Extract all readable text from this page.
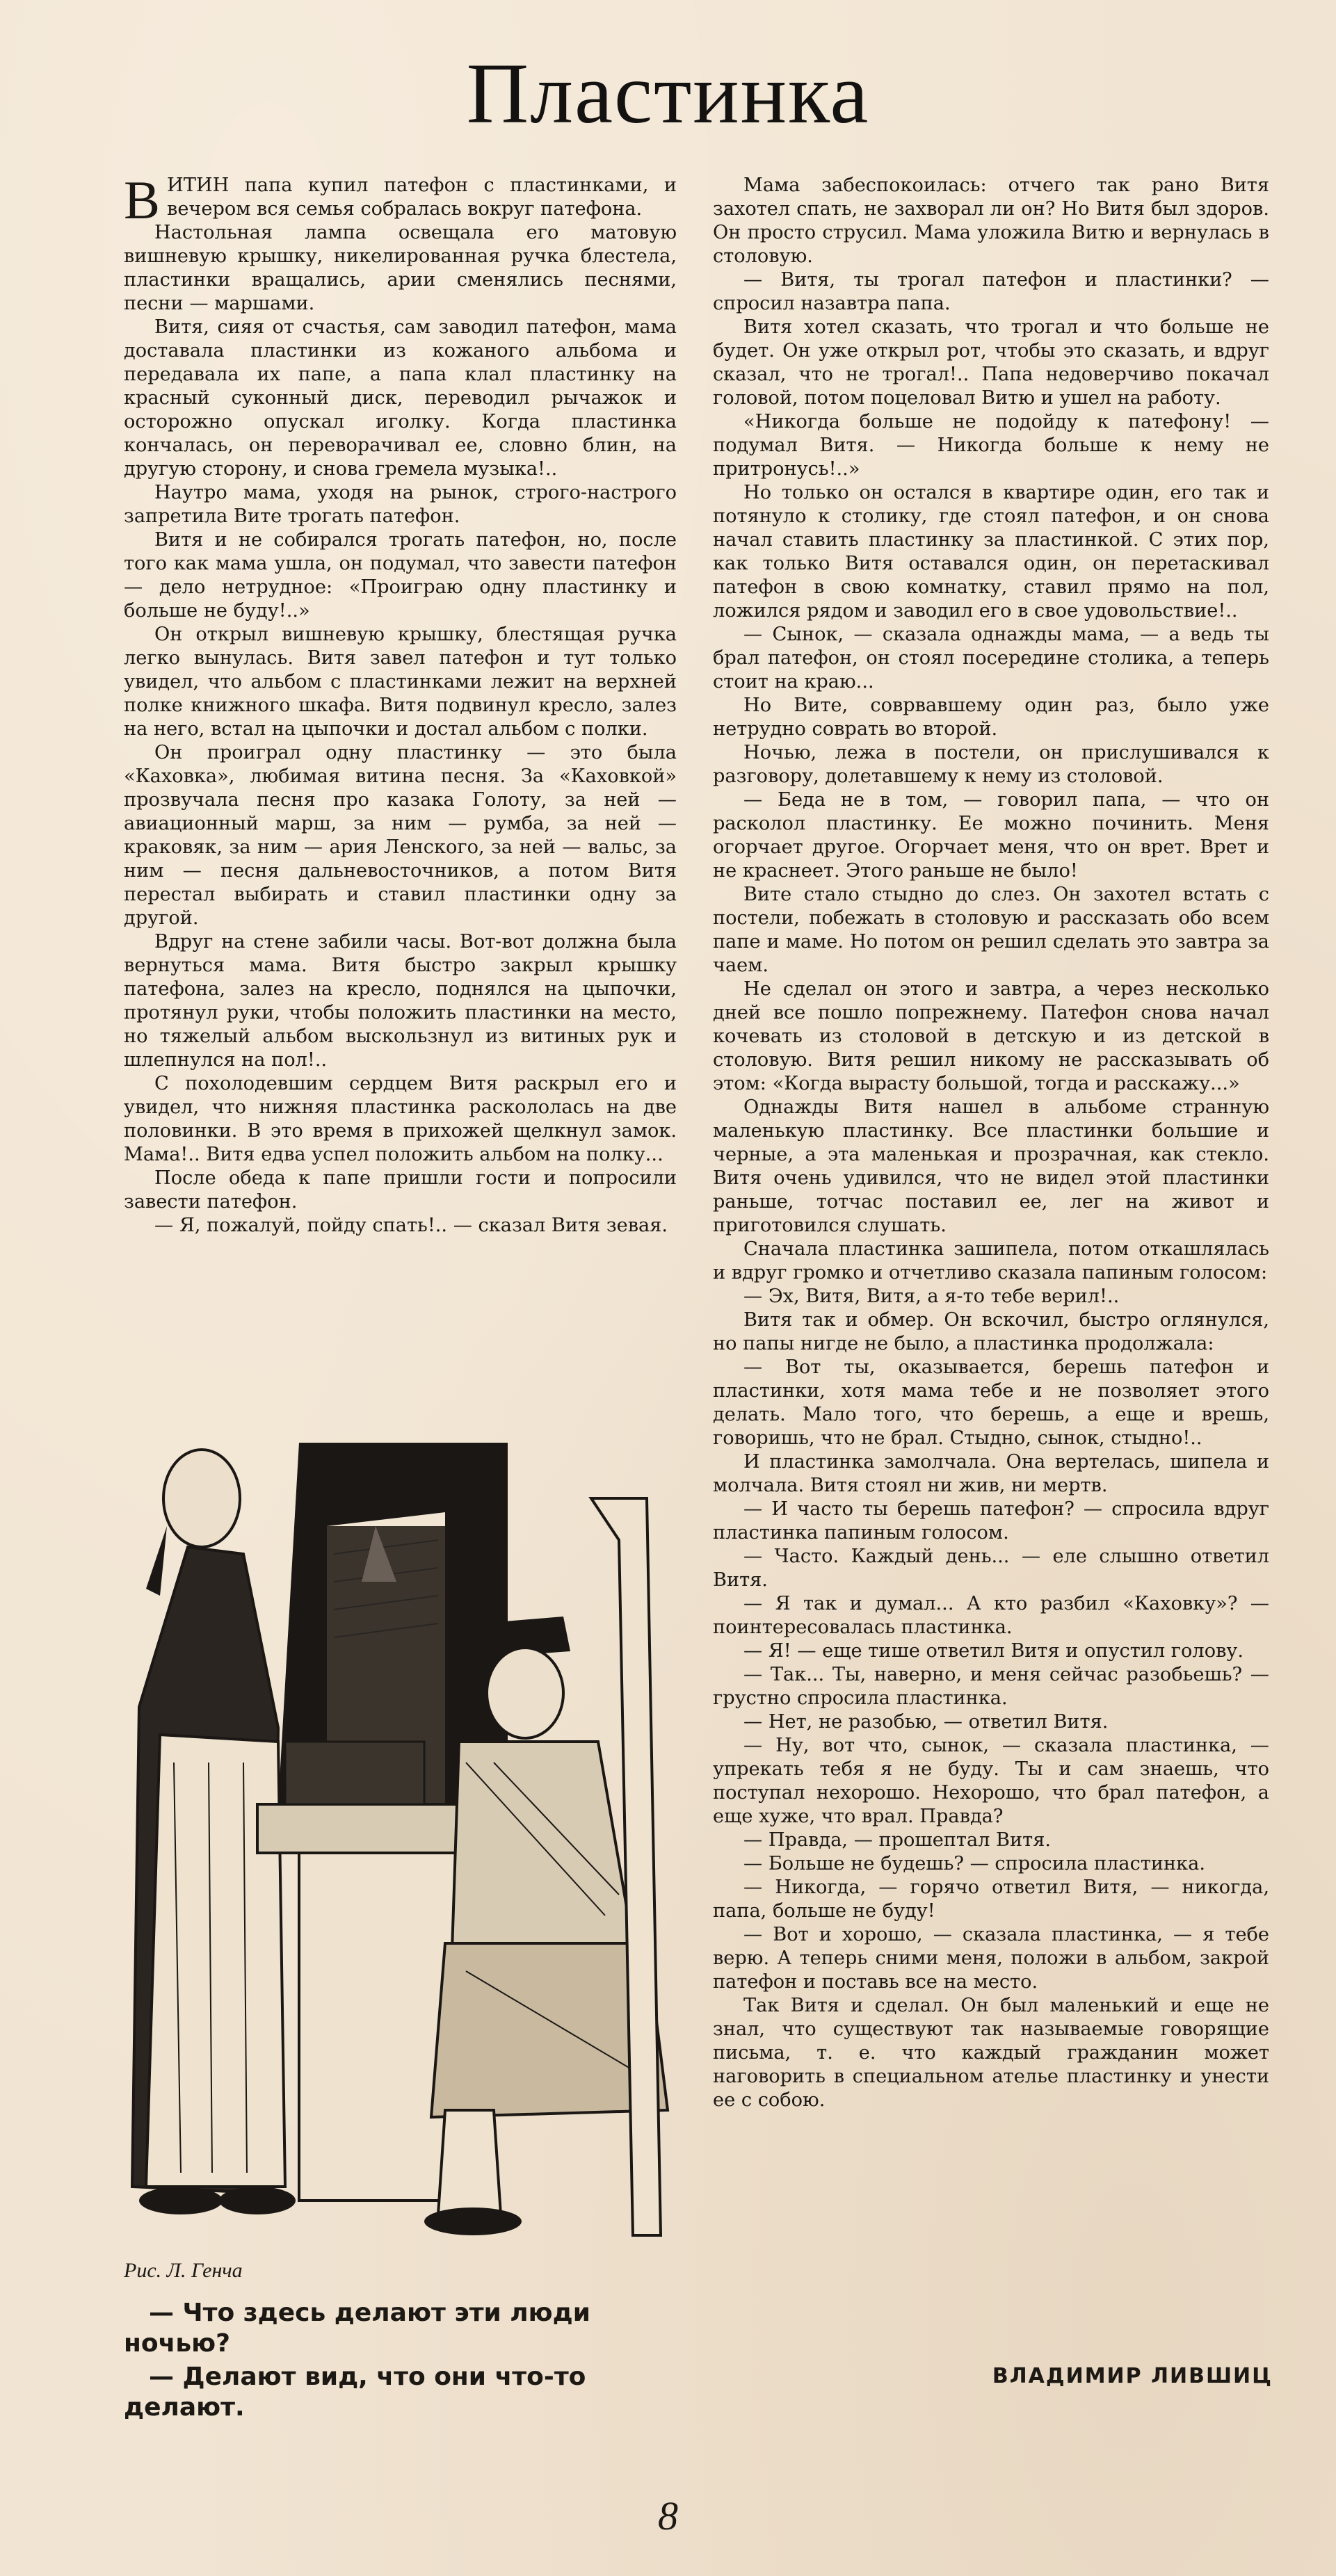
Пластинка

ВИТИН папа купил патефон с пластинками, и вечером вся семья собралась вокруг патефона.

Настольная лампа освещала его матовую вишневую крышку, никелированная ручка блестела, пластинки вращались, арии сменялись песнями, песни — маршами.

Витя, сияя от счастья, сам заводил патефон, мама доставала пластинки из кожаного альбома и передавала их папе, а папа клал пластинку на красный суконный диск, переводил рычажок и осторожно опускал иголку. Когда пластинка кончалась, он переворачивал ее, словно блин, на другую сторону, и снова гремела музыка!..

Наутро мама, уходя на рынок, строго-настрого запретила Вите трогать патефон.

Витя и не собирался трогать патефон, но, после того как мама ушла, он подумал, что завести патефон — дело нетрудное: «Проиграю одну пластинку и больше не буду!..»

Он открыл вишневую крышку, блестящая ручка легко вынулась. Витя завел патефон и тут только увидел, что альбом с пластинками лежит на верхней полке книжного шкафа. Витя подвинул кресло, залез на него, встал на цыпочки и достал альбом с полки.

Он проиграл одну пластинку — это была «Каховка», любимая витина песня. За «Каховкой» прозвучала песня про казака Голоту, за ней — авиационный марш, за ним — румба, за ней — краковяк, за ним — ария Ленского, за ней — вальс, за ним — песня дальневосточников, а потом Витя перестал выбирать и ставил пластинки одну за другой.

Вдруг на стене забили часы. Вот-вот должна была вернуться мама. Витя быстро закрыл крышку патефона, залез на кресло, поднялся на цыпочки, протянул руки, чтобы положить пластинки на место, но тяжелый альбом выскользнул из витиных рук и шлепнулся на пол!..

С похолодевшим сердцем Витя раскрыл его и увидел, что нижняя пластинка раскололась на две половинки. В это время в прихожей щелкнул замок. Мама!.. Витя едва успел положить альбом на полку...

После обеда к папе пришли гости и попросили завести патефон.

— Я, пожалуй, пойду спать!.. — сказал Витя зевая.

Мама забеспокоилась: отчего так рано Витя захотел спать, не захворал ли он? Но Витя был здоров. Он просто струсил. Мама уложила Витю и вернулась в столовую.

— Витя, ты трогал патефон и пластинки? — спросил назавтра папа.

Витя хотел сказать, что трогал и что больше не будет. Он уже открыл рот, чтобы это сказать, и вдруг сказал, что не трогал!.. Папа недоверчиво покачал головой, потом поцеловал Витю и ушел на работу.

«Никогда больше не подойду к патефону! — подумал Витя. — Никогда больше к нему не притронусь!..»

Но только он остался в квартире один, его так и потянуло к столику, где стоял патефон, и он снова начал ставить пластинку за пластинкой. С этих пор, как только Витя оставался один, он перетаскивал патефон в свою комнатку, ставил прямо на пол, ложился рядом и заводил его в свое удовольствие!..

— Сынок, — сказала однажды мама, — а ведь ты брал патефон, он стоял посередине столика, а теперь стоит на краю...

Но Вите, соврвавшему один раз, было уже нетрудно соврать во второй.

Ночью, лежа в постели, он прислушивался к разговору, долетавшему к нему из столовой.

— Беда не в том, — говорил папа, — что он расколол пластинку. Ее можно починить. Меня огорчает другое. Огорчает меня, что он врет. Врет и не краснеет. Этого раньше не было!

Вите стало стыдно до слез. Он захотел встать с постели, побежать в столовую и рассказать обо всем папе и маме. Но потом он решил сделать это завтра за чаем.

Не сделал он этого и завтра, а через несколько дней все пошло попрежнему. Патефон снова начал кочевать из столовой в детскую и из детской в столовую. Витя решил никому не рассказывать об этом: «Когда вырасту большой, тогда и расскажу...»

Однажды Витя нашел в альбоме странную маленькую пластинку. Все пластинки большие и черные, а эта маленькая и прозрачная, как стекло. Витя очень удивился, что не видел этой пластинки раньше, тотчас поставил ее, лег на живот и приготовился слушать.

Сначала пластинка зашипела, потом откашлялась и вдруг громко и отчетливо сказала папиным голосом:

— Эх, Витя, Витя, а я-то тебе верил!..

Витя так и обмер. Он вскочил, быстро оглянулся, но папы нигде не было, а пластинка продолжала:

— Вот ты, оказывается, берешь патефон и пластинки, хотя мама тебе и не позволяет этого делать. Мало того, что берешь, а еще и врешь, говоришь, что не брал. Стыдно, сынок, стыдно!..

И пластинка замолчала. Она вертелась, шипела и молчала. Витя стоял ни жив, ни мертв.

— И часто ты берешь патефон? — спросила вдруг пластинка папиным голосом.

— Часто. Каждый день... — еле слышно ответил Витя.

— Я так и думал... А кто разбил «Каховку»? — поинтересовалась пластинка.

— Я! — еще тише ответил Витя и опустил голову.

— Так... Ты, наверно, и меня сейчас разобьешь? — грустно спросила пластинка.

— Нет, не разобью, — ответил Витя.

— Ну, вот что, сынок, — сказала пластинка, — упрекать тебя я не буду. Ты и сам знаешь, что поступал нехорошо. Нехорошо, что брал патефон, а еще хуже, что врал. Правда?

— Правда, — прошептал Витя.

— Больше не будешь? — спросила пластинка.

— Никогда, — горячо ответил Витя, — никогда, папа, больше не буду!

— Вот и хорошо, — сказала пластинка, — я тебе верю. А теперь сними меня, положи в альбом, закрой патефон и поставь все на место.

Так Витя и сделал. Он был маленький и еще не знал, что существуют так называемые говорящие письма, т. е. что каждый гражданин может наговорить в специальном ателье пластинку и унести ее с собою.

Рис. Л. Генча

— Что здесь делают эти люди ночью?

— Делают вид, что они что-то делают.

ВЛАДИМИР ЛИВШИЦ
8
